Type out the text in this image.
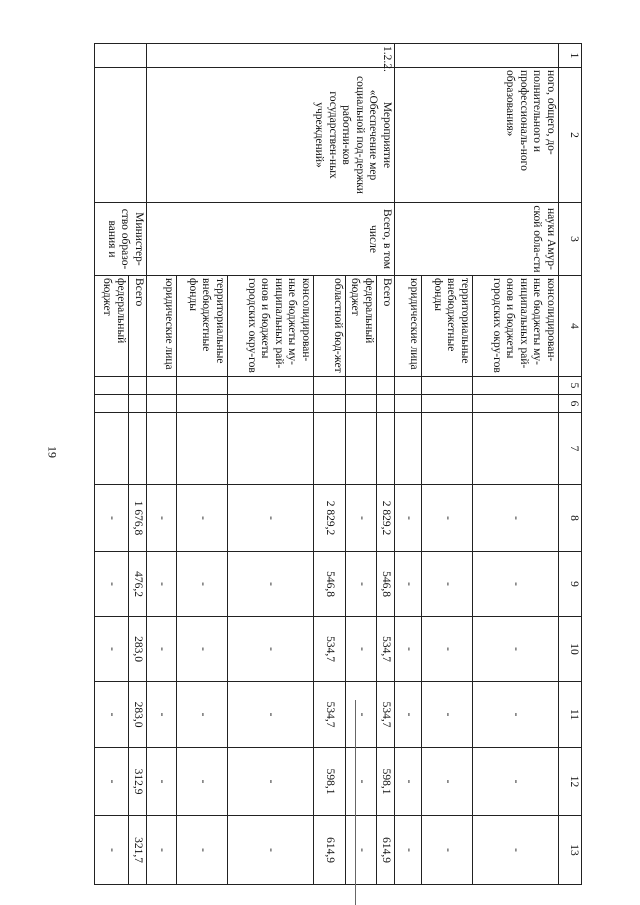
19
1	2	3	4	5	6	7	8	9	10	11	12	13
	ного, общего, до-полнительного и профессиональ-ного образования»	науки Амур-ской обла-сти	консолидирован-ные бюджеты му-ниципальных рай-онов и бюджеты городских окру-гов				-	-	-	-	-	-
			территориальные внебюджетные фонды				-	-	-	-	-	-
			юридические лица				-	-	-	-	-	-
1.2.2.	Мероприятие «Обеспечение мер социальной под-держки работни-ков государствен-ных учреждений»	Всего, в том числе	Всего				2 829,2	546,8	534,7	534,7	598,1	614,9
			федеральный бюджет				-	-	-	-	-	-
			областной бюд-жет				2 829,2	546,8	534,7	534,7	598,1	614,9
			консолидирован-ные бюджеты му-ниципальных рай-онов и бюджеты городских окру-гов				-	-	-	-	-	-
			территориальные внебюджетные фонды				-	-	-	-	-	-
			юридические лица				-	-	-	-	-	-
		Министер-ство образо-вания и	Всего				1 676,8	476,2	283,0	283,0	312,9	321,7
			федеральный бюджет				-	-	-	-	-	-
